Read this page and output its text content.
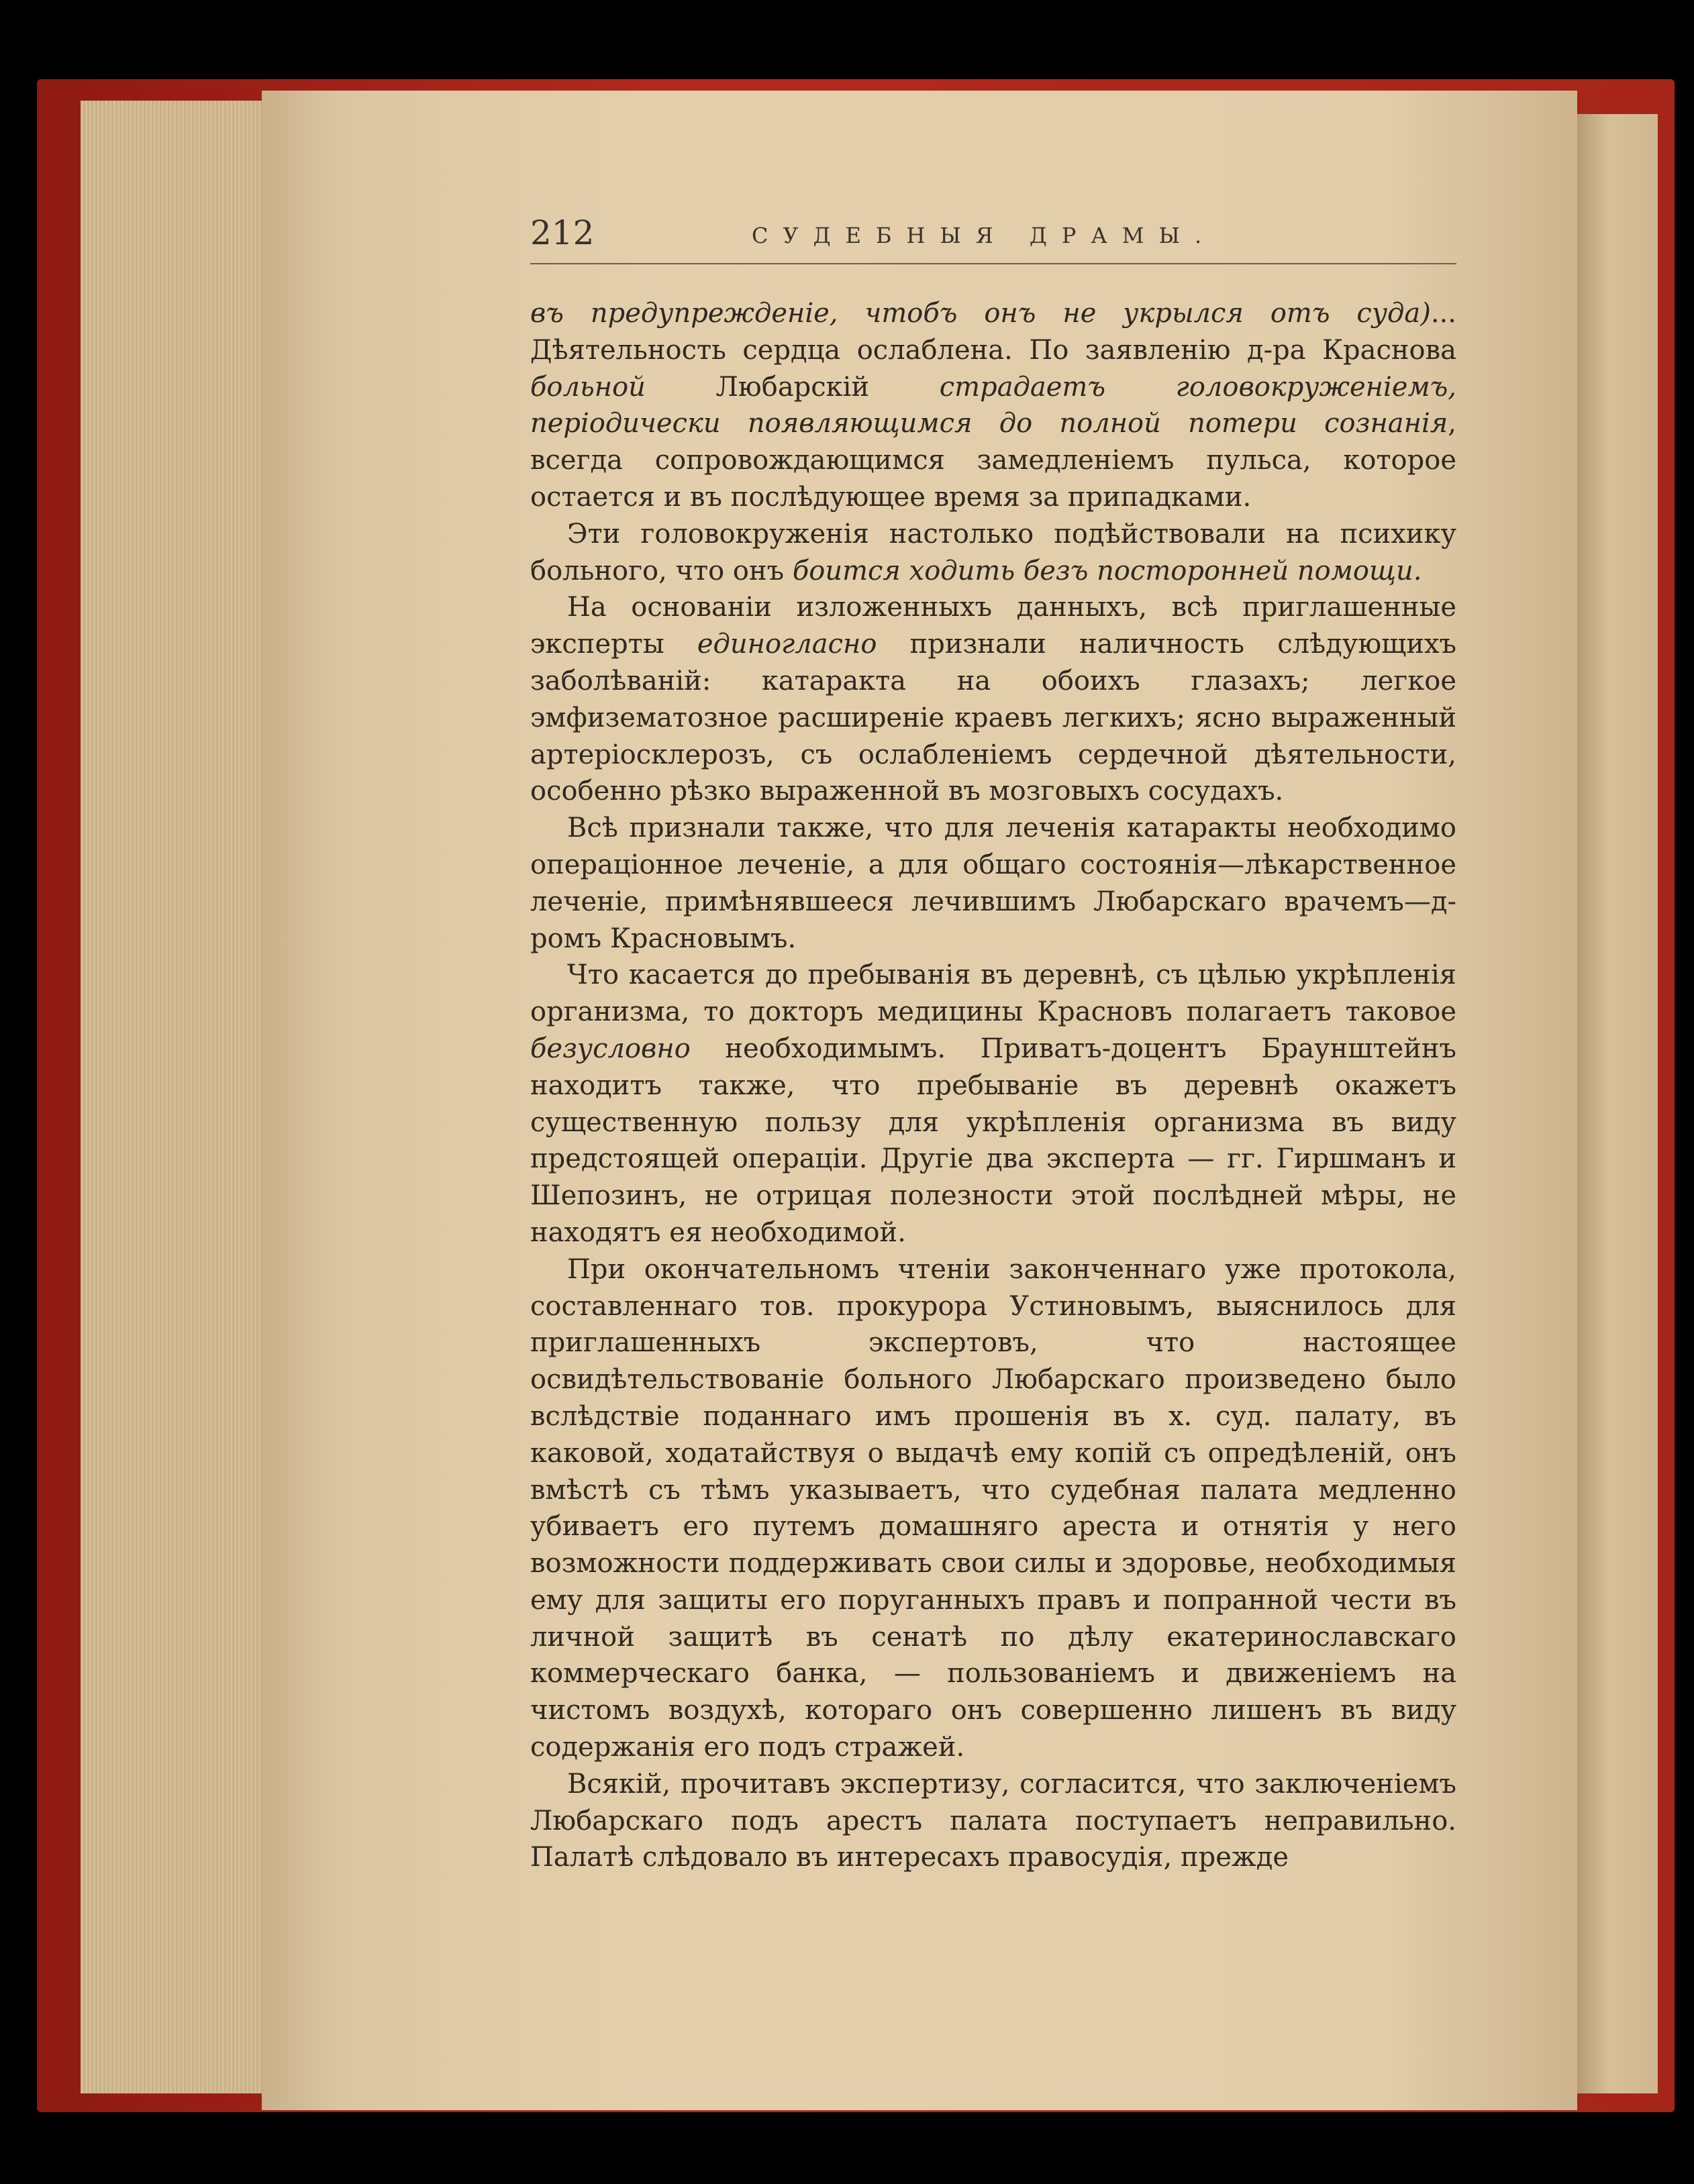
212	СУДЕБНЫЯ ДРАМЫ.

въ предупрежденіе, чтобъ онъ не укрылся отъ суда)... Дѣятельность сердца ослаблена. По заявленію д-ра Краснова больной Любарскій страдаетъ головокруженіемъ, періодически появляющимся до полной потери сознанія, всегда сопровождающимся замедленіемъ пульса, которое остается и въ послѣдующее время за припадками.

Эти головокруженія настолько подѣйствовали на психику больного, что онъ боится ходить безъ посторонней помощи.

На основаніи изложенныхъ данныхъ, всѣ приглашенные эксперты единогласно признали наличность слѣдующихъ заболѣваній: катаракта на обоихъ глазахъ; легкое эмфизематозное расширеніе краевъ легкихъ; ясно выраженный артеріосклерозъ, съ ослабленіемъ сердечной дѣятельности, особенно рѣзко выраженной въ мозговыхъ сосудахъ.

Всѣ признали также, что для леченія катаракты необходимо операціонное леченіе, а для общаго состоянія—лѣкарственное леченіе, примѣнявшееся лечившимъ Любарскаго врачемъ—д-ромъ Красновымъ.

Что касается до пребыванія въ деревнѣ, съ цѣлью укрѣпленія организма, то докторъ медицины Красновъ полагаетъ таковое безусловно необходимымъ. Приватъ-доцентъ Браунштейнъ находитъ также, что пребываніе въ деревнѣ окажетъ существенную пользу для укрѣпленія организма въ виду предстоящей операціи. Другіе два эксперта — гг. Гиршманъ и Шепозинъ, не отрицая полезности этой послѣдней мѣры, не находятъ ея необходимой.

При окончательномъ чтеніи законченнаго уже протокола, составленнаго тов. прокурора Устиновымъ, выяснилось для приглашенныхъ экспертовъ, что настоящее освидѣтельствованіе больного Любарскаго произведено было вслѣдствіе поданнаго имъ прошенія въ х. суд. палату, въ каковой, ходатайствуя о выдачѣ ему копій съ опредѣленій, онъ вмѣстѣ съ тѣмъ указываетъ, что судебная палата медленно убиваетъ его путемъ домашняго ареста и отнятія у него возможности поддерживать свои силы и здоровье, необходимыя ему для защиты его поруганныхъ правъ и попранной чести въ личной защитѣ въ сенатѣ по дѣлу екатеринославскаго коммерческаго банка, — пользованіемъ и движеніемъ на чистомъ воздухѣ, котораго онъ совершенно лишенъ въ виду содержанія его подъ стражей.

Всякій, прочитавъ экспертизу, согласится, что заключеніемъ Любарскаго подъ арестъ палата поступаетъ неправильно. Палатѣ слѣдовало въ интересахъ правосудія, прежде
